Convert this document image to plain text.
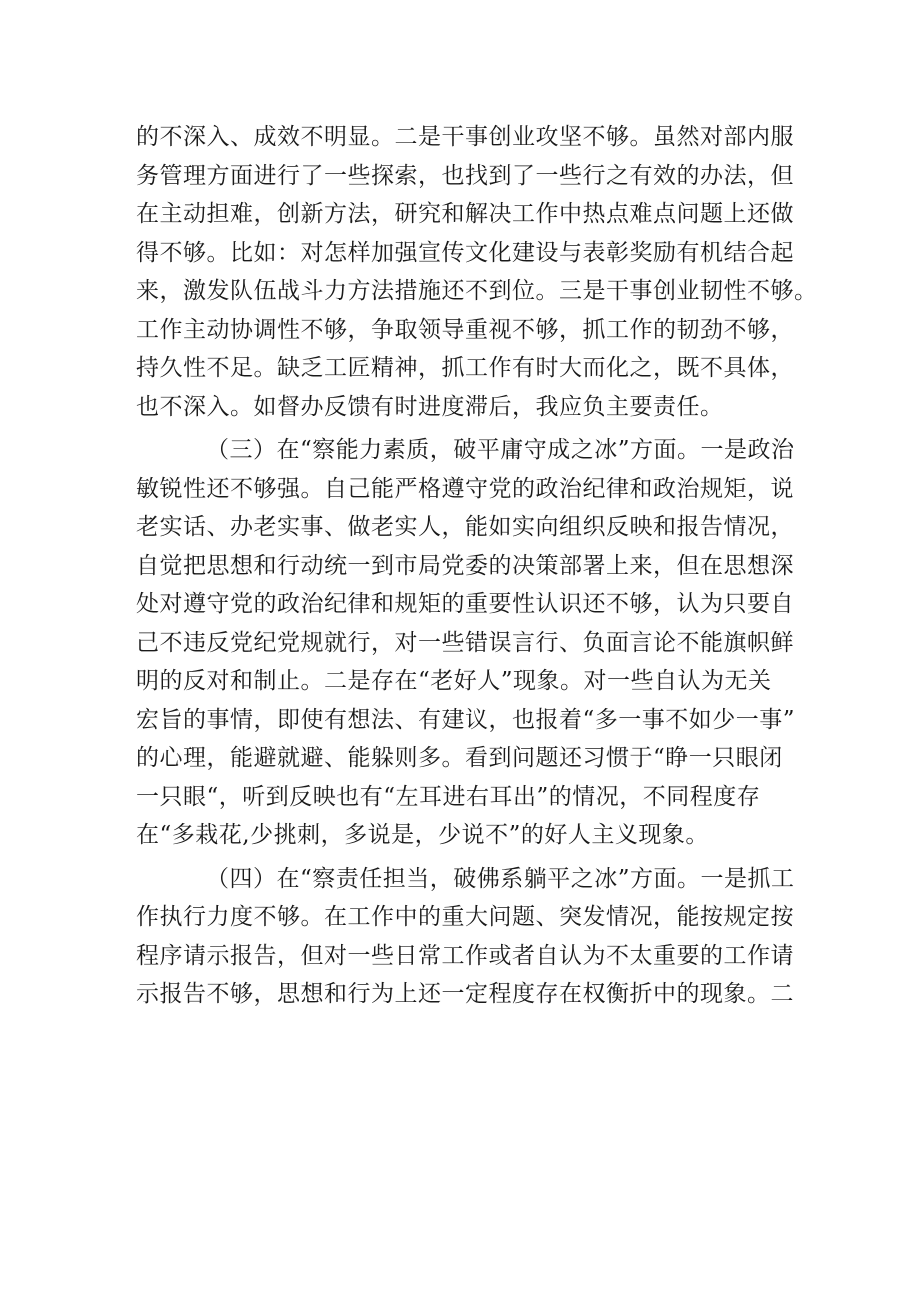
的不深入、成效不明显。二是干事创业攻坚不够。虽然对部内服
务管理方面进行了一些探索，也找到了一些行之有效的办法，但
在主动担难，创新方法，研究和解决工作中热点难点问题上还做
得不够。比如：对怎样加强宣传文化建设与表彰奖励有机结合起
来，激发队伍战斗力方法措施还不到位。三是干事创业韧性不够。
工作主动协调性不够，争取领导重视不够，抓工作的韧劲不够，
持久性不足。缺乏工匠精神，抓工作有时大而化之，既不具体，
也不深入。如督办反馈有时进度滞后，我应负主要责任。
（三）在“察能力素质，破平庸守成之冰”方面。一是政治
敏锐性还不够强。自己能严格遵守党的政治纪律和政治规矩，说
老实话、办老实事、做老实人，能如实向组织反映和报告情况，
自觉把思想和行动统一到市局党委的决策部署上来，但在思想深
处对遵守党的政治纪律和规矩的重要性认识还不够，认为只要自
己不违反党纪党规就行，对一些错误言行、负面言论不能旗帜鲜
明的反对和制止。二是存在“老好人”现象。对一些自认为无关
宏旨的事情，即使有想法、有建议，也报着“多一事不如少一事”
的心理，能避就避、能躲则多。看到问题还习惯于“睁一只眼闭
一只眼“，听到反映也有“左耳进右耳出”的情况，不同程度存
在“多栽花,少挑刺，多说是，少说不”的好人主义现象。
（四）在“察责任担当，破佛系躺平之冰”方面。一是抓工
作执行力度不够。在工作中的重大问题、突发情况，能按规定按
程序请示报告，但对一些日常工作或者自认为不太重要的工作请
示报告不够，思想和行为上还一定程度存在权衡折中的现象。二
